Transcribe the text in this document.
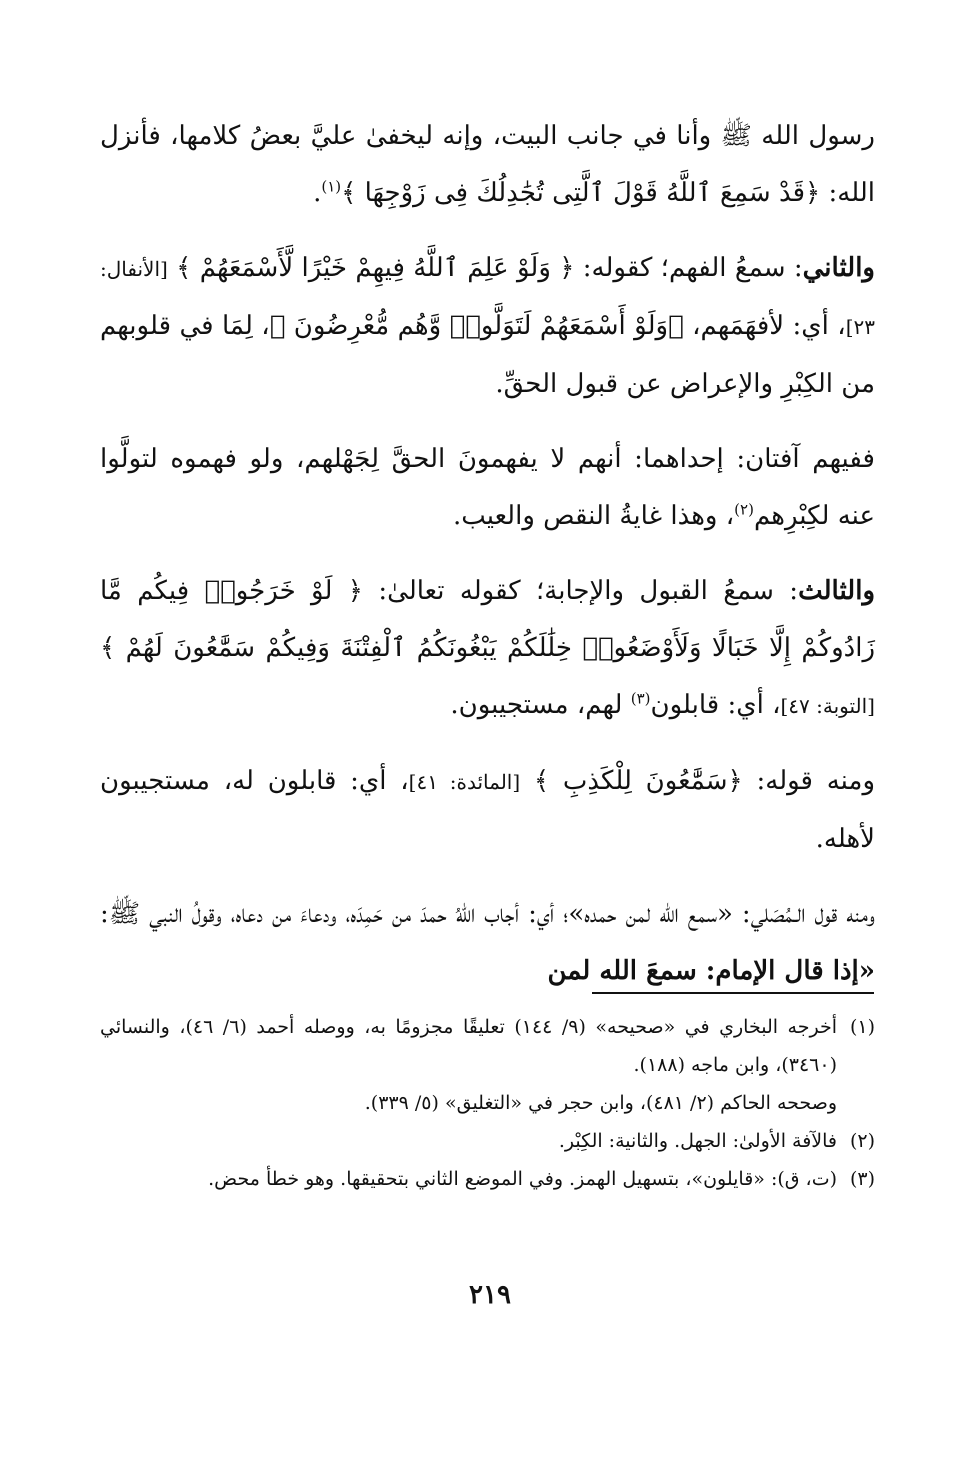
رسول الله ﷺ وأنا في جانب البيت، وإنه ليخفىٰ عليَّ بعضُ كلامها، فأنزل الله: ﴿قَدْ سَمِعَ ٱللَّهُ قَوْلَ ٱلَّتِى تُجَٰدِلُكَ فِى زَوْجِهَا ﴾$^{(١)}$.

والثاني: سمعُ الفهم؛ كقوله: ﴿ وَلَوْ عَلِمَ ٱللَّهُ فِيهِمْ خَيْرًا لَّأَسْمَعَهُمْ ﴾ [الأنفال: ٢٣]، أي: لأفهَمَهم، ﴿وَلَوْ أَسْمَعَهُمْ لَتَوَلَّوا۟ وَّهُم مُّعْرِضُونَ ﴾، لِمَا في قلوبهم من الكِبْرِ والإعراض عن قبول الحقِّ.

ففيهم آفتان: إحداهما: أنهم لا يفهمونَ الحقَّ لِجَهْلهم، ولو فهموه لتولَّوا عنه لكِبْرِهم$^{(٢)}$، وهذا غايةُ النقص والعيب.

والثالث: سمعُ القبول والإجابة؛ كقوله تعالىٰ: ﴿ لَوْ خَرَجُوا۟ فِيكُم مَّا زَادُوكُمْ إِلَّا خَبَالًا وَلَأَوْضَعُوا۟ خِلَٰلَكُمْ يَبْغُونَكُمُ ٱلْفِتْنَةَ وَفِيكُمْ سَمَّٰعُونَ لَهُمْ ﴾ [التوبة: ٤٧]، أي: قابلون$^{(٣)}$ لهم، مستجيبون.

ومنه قوله: ﴿سَمَّٰعُونَ لِلْكَذِبِ ﴾ [المائدة: ٤١]، أي: قابلون له، مستجيبون لأهله.

ومنه قول الـمُصَلي: «سمع الله لمن حمده»؛ أي: أجاب اللهُ حمدَ من حَمِدَه، ودعاءَ من دعاه، وقولُ النبي ﷺ: «إذا قال الإمام: سمعَ الله لمن

(١)
أخرجه البخاري في «صحيحه» (٩/ ١٤٤) تعليقًا مجزومًا به، ووصله أحمد (٦/ ٤٦)، والنسائي (٣٤٦٠)، وابن ماجه (١٨٨).
وصححه الحاكم (٢/ ٤٨١)، وابن حجر في «التغليق» (٥/ ٣٣٩).
(٢)
فالآفة الأولىٰ: الجهل. والثانية: الكِبْر.
(٣)
(ت، ق): «قايلون»، بتسهيل الهمز. وفي الموضع الثاني بتحقيقها. وهو خطأ محض.
٢١٩
